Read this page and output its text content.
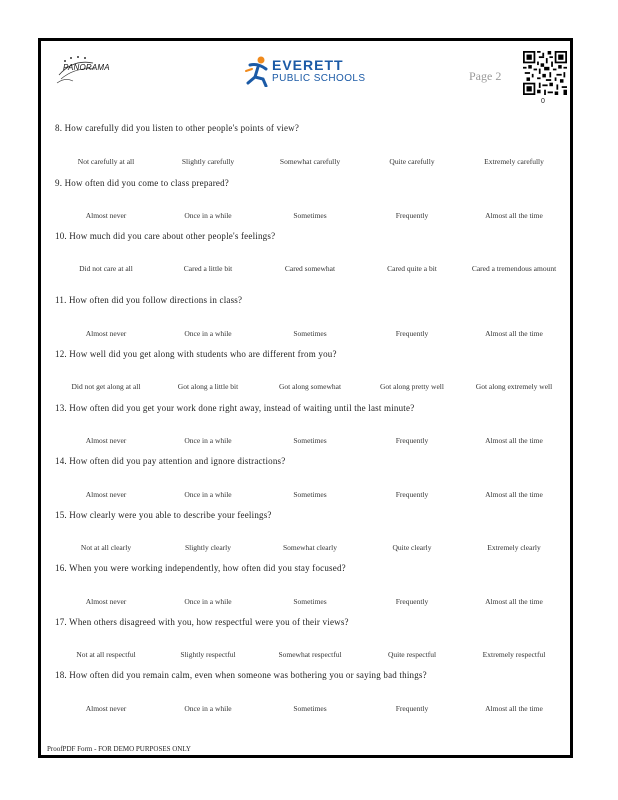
PANORAMA	EVERETT
PUBLIC SCHOOLS	Page 2
0
8. How carefully did you listen to other people's points of view?
Not carefully at all	Slightly carefully	Somewhat carefully	Quite carefully	Extremely carefully
9. How often did you come to class prepared?
Almost never	Once in a while	Sometimes	Frequently	Almost all the time
10. How much did you care about other people's feelings?
Did not care at all	Cared a little bit	Cared somewhat	Cared quite a bit	Cared a tremendous amount
11. How often did you follow directions in class?
Almost never	Once in a while	Sometimes	Frequently	Almost all the time
12. How well did you get along with students who are different from you?
Did not get along at all	Got along a little bit	Got along somewhat	Got along pretty well	Got along extremely well
13. How often did you get your work done right away, instead of waiting until the last minute?
Almost never	Once in a while	Sometimes	Frequently	Almost all the time
14. How often did you pay attention and ignore distractions?
Almost never	Once in a while	Sometimes	Frequently	Almost all the time
15. How clearly were you able to describe your feelings?
Not at all clearly	Slightly clearly	Somewhat clearly	Quite clearly	Extremely clearly
16. When you were working independently, how often did you stay focused?
Almost never	Once in a while	Sometimes	Frequently	Almost all the time
17. When others disagreed with you, how respectful were you of their views?
Not at all respectful	Slightly respectful	Somewhat respectful	Quite respectful	Extremely respectful
18. How often did you remain calm, even when someone was bothering you or saying bad things?
Almost never	Once in a while	Sometimes	Frequently	Almost all the time
ProofPDF Form - FOR DEMO PURPOSES ONLY
